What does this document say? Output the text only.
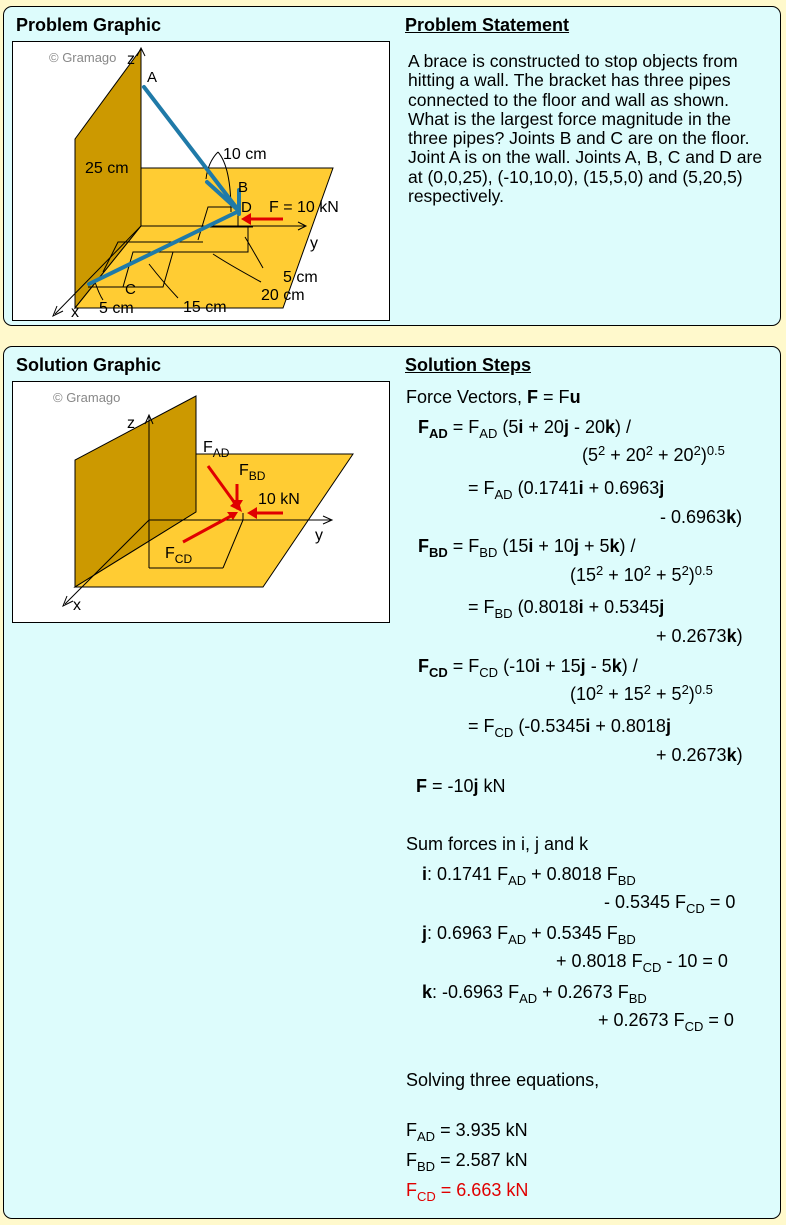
Problem Graphic	Problem Statement
© Gramago z
A
25 cm
10 cm
B
D F = 10 kN
y
5 cm
20 cm
C
x 5 cm	15 cm
A brace is constructed to stop objects from hitting a wall. The bracket has three pipes connected to the floor and wall as shown. What is the largest force magnitude in the three pipes? Joints B and C are on the floor. Joint A is on the wall. Joints A, B, C and D are at (0,0,25), (-10,10,0), (15,5,0) and (5,20,5) respectively.
Solution Graphic	Solution Steps
© Gramago
z
$F_{AD}$
$F_{BD}$
10 kN
y
$F_{CD}$
x
Force Vectors, F = Fu
$F_{AD} = F_{AD}$ (5i + 20j - 20k) /
$(5^2 + 20^2 + 20^2)^{0.5}$
= $F_{AD}$ (0.1741i + 0.6963j
- 0.6963k)
$F_{BD} = F_{BD}$ (15i + 10j + 5k) /
$(15^2 + 10^2 + 5^2)^{0.5}$
= $F_{BD}$ (0.8018i + 0.5345j
+ 0.2673k)
$F_{CD} = F_{CD}$ (-10i + 15j - 5k) /
$(10^2 + 15^2 + 5^2)^{0.5}$
= $F_{CD}$ (-0.5345i + 0.8018j
+ 0.2673k)
F = -10j kN
Sum forces in i, j and k
i: 0.1741 $F_{AD} + 0.8018$ $F_{BD}$
- 0.5345 $F_{CD} = 0$
j: 0.6963 $F_{AD} + 0.5345$ $F_{BD}$
+ 0.8018 $F_{CD} - 10 = 0$
k: -0.6963 $F_{AD} + 0.2673$ $F_{BD}$
+ 0.2673 $F_{CD} = 0$
Solving three equations,
$F_{AD} = 3.935$ kN
$F_{BD} = 2.587$ kN
$F_{CD} = 6.663$ kN
